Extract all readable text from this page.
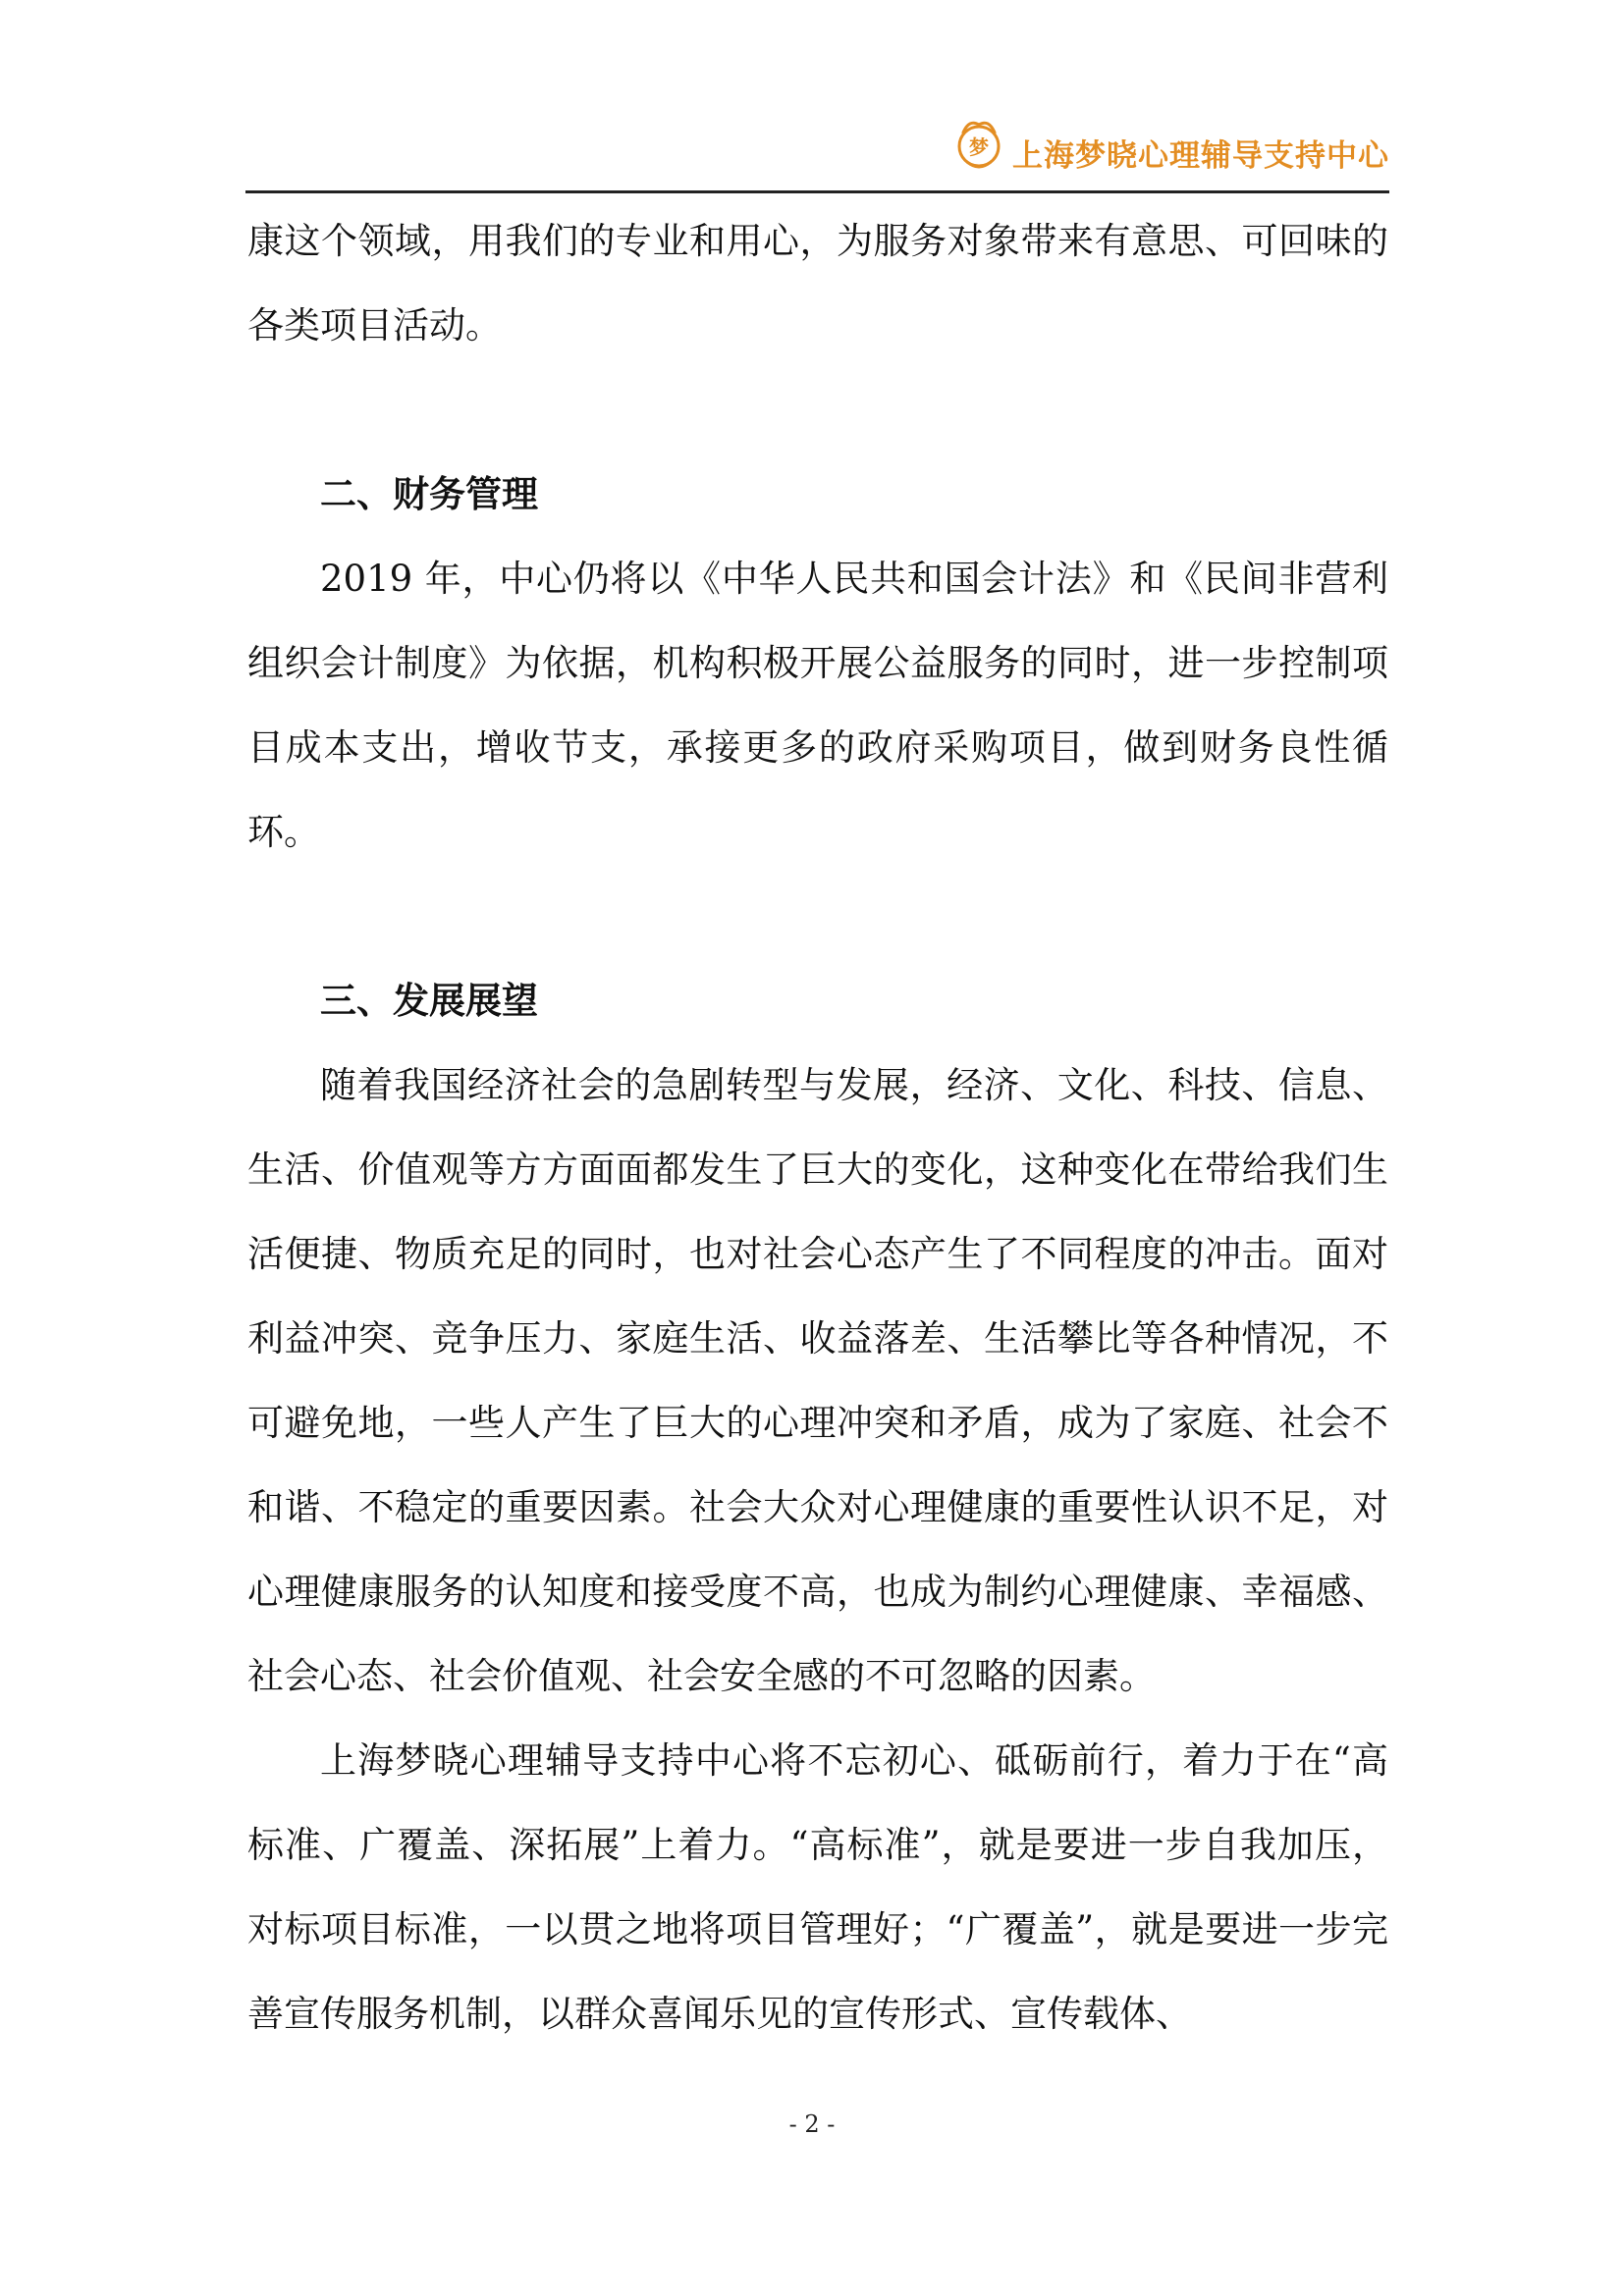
梦 上海梦晓心理辅导支持中心

康这个领域，用我们的专业和用心，为服务对象带来有意思、可回味的各类项目活动。

二、财务管理

2019 年，中心仍将以《中华人民共和国会计法》和《民间非营利组织会计制度》为依据，机构积极开展公益服务的同时，进一步控制项目成本支出，增收节支，承接更多的政府采购项目，做到财务良性循环。

三、发展展望

随着我国经济社会的急剧转型与发展，经济、文化、科技、信息、生活、价值观等方方面面都发生了巨大的变化，这种变化在带给我们生活便捷、物质充足的同时，也对社会心态产生了不同程度的冲击。面对利益冲突、竞争压力、家庭生活、收益落差、生活攀比等各种情况，不可避免地，一些人产生了巨大的心理冲突和矛盾，成为了家庭、社会不和谐、不稳定的重要因素。社会大众对心理健康的重要性认识不足，对心理健康服务的认知度和接受度不高，也成为制约心理健康、幸福感、社会心态、社会价值观、社会安全感的不可忽略的因素。

上海梦晓心理辅导支持中心将不忘初心、砥砺前行，着力于在“高标准、广覆盖、深拓展”上着力。“高标准”，就是要进一步自我加压，对标项目标准，一以贯之地将项目管理好；“广覆盖”，就是要进一步完善宣传服务机制，以群众喜闻乐见的宣传形式、宣传载体、

- 2 -
